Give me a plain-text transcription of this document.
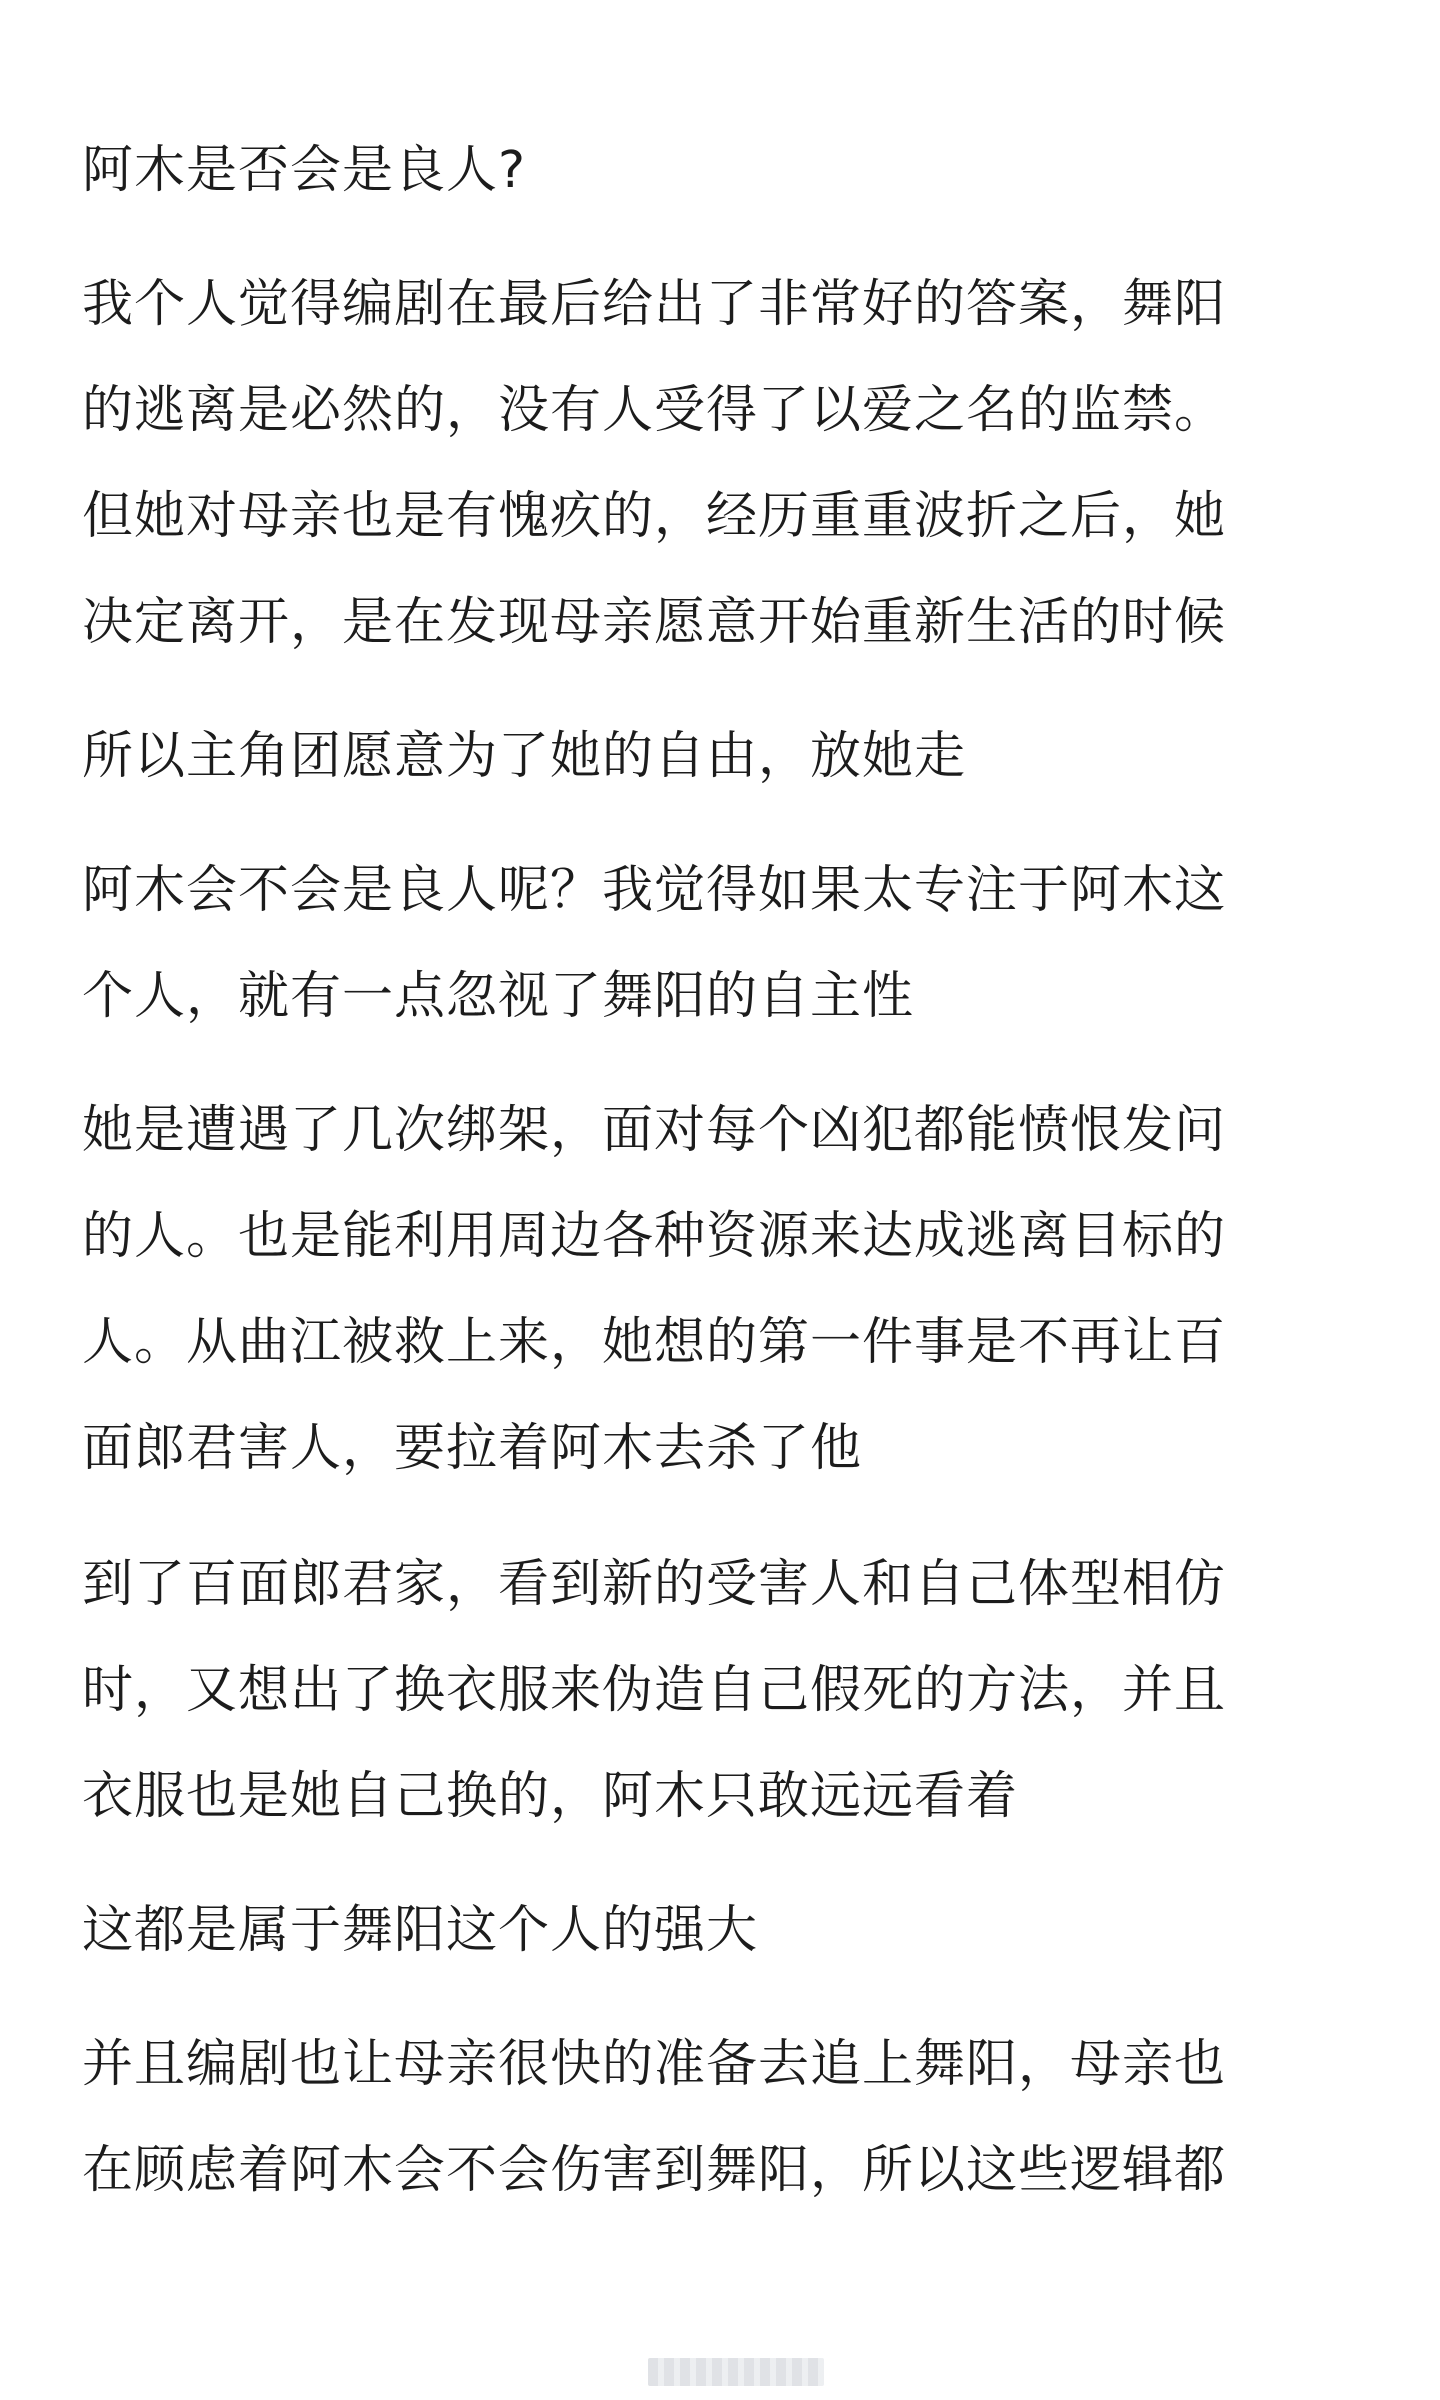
阿木是否会是良人?

我个人觉得编剧在最后给出了非常好的答案，舞阳

的逃离是必然的，没有人受得了以爱之名的监禁。

但她对母亲也是有愧疚的，经历重重波折之后，她

决定离开，是在发现母亲愿意开始重新生活的时候

所以主角团愿意为了她的自由，放她走

阿木会不会是良人呢？我觉得如果太专注于阿木这

个人，就有一点忽视了舞阳的自主性

她是遭遇了几次绑架，面对每个凶犯都能愤恨发问

的人。也是能利用周边各种资源来达成逃离目标的

人。从曲江被救上来，她想的第一件事是不再让百

面郎君害人，要拉着阿木去杀了他

到了百面郎君家，看到新的受害人和自己体型相仿

时，又想出了换衣服来伪造自己假死的方法，并且

衣服也是她自己换的，阿木只敢远远看着

这都是属于舞阳这个人的强大

并且编剧也让母亲很快的准备去追上舞阳，母亲也

在顾虑着阿木会不会伤害到舞阳，所以这些逻辑都
